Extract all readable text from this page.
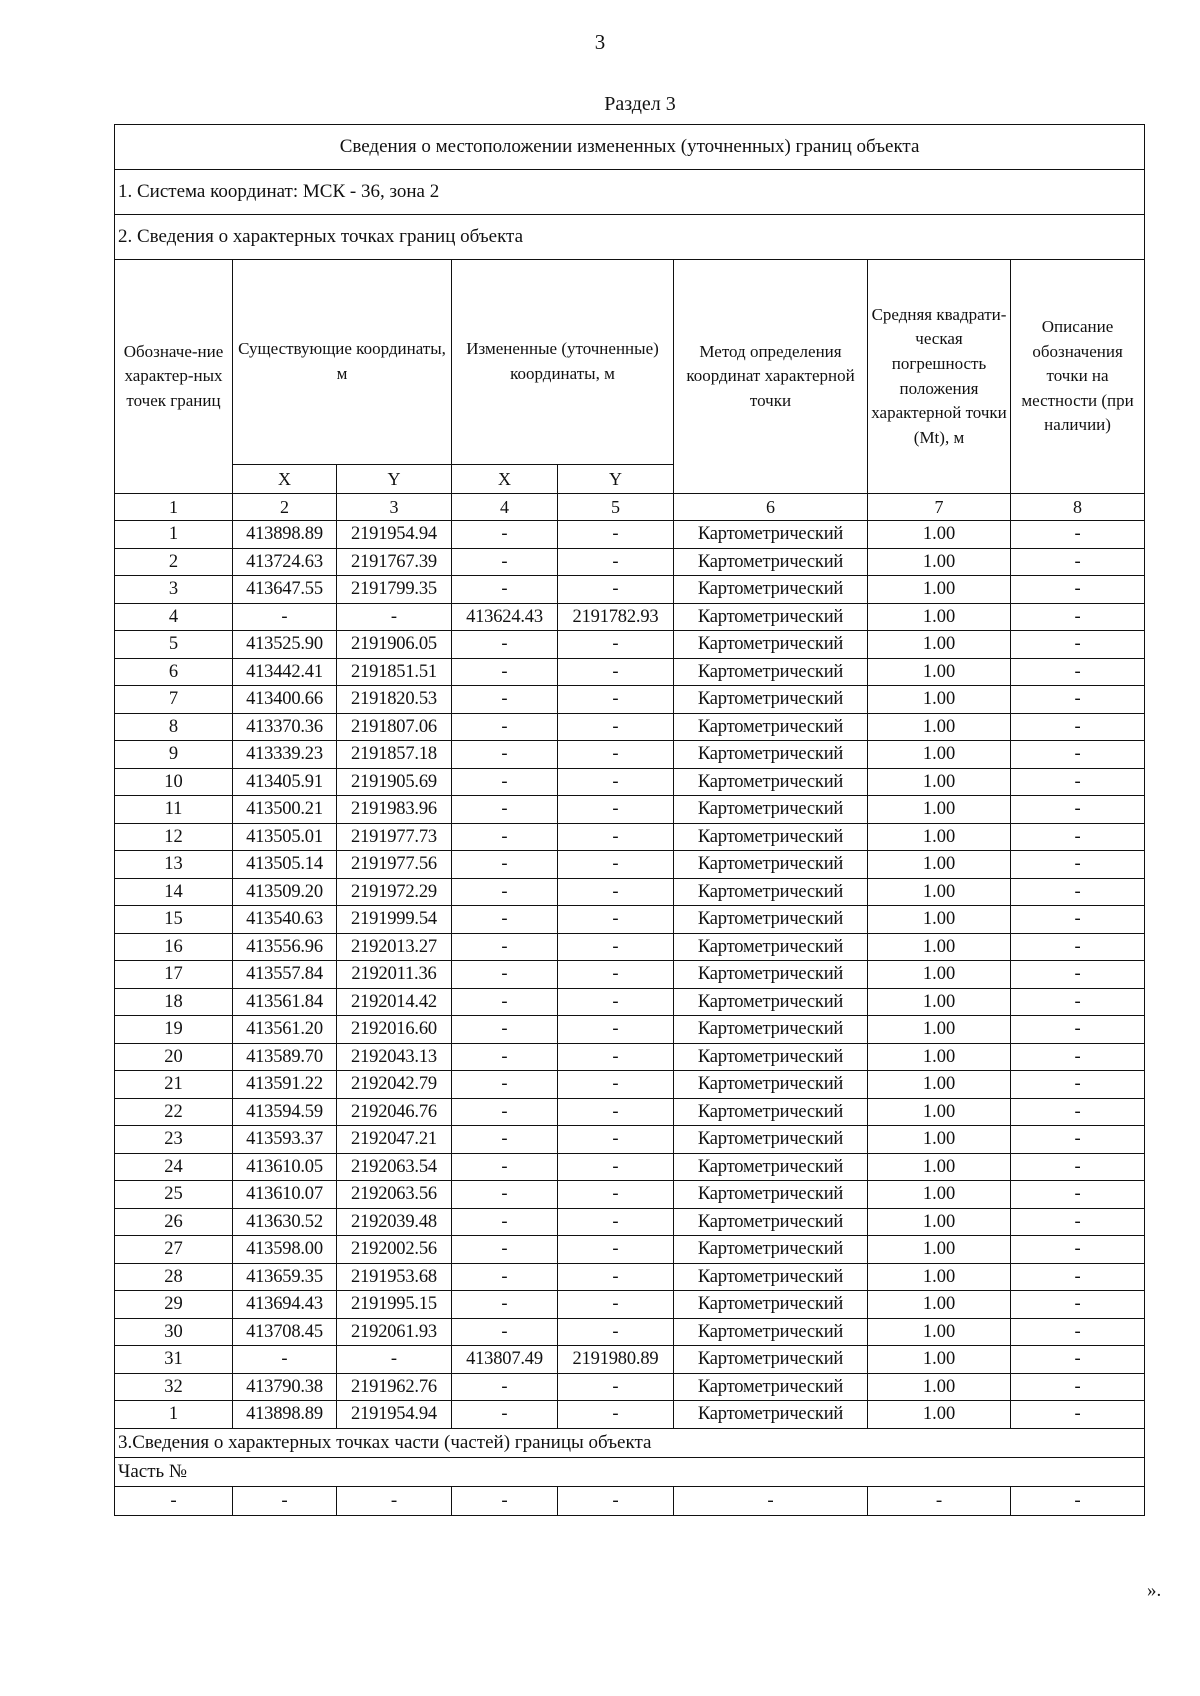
3
Раздел 3
Сведения о местоположении измененных (уточненных) границ объекта							
1. Система координат: МСК - 36, зона 2							
2. Сведения о характерных точках границ объекта							
Обозначе-ние характер-ных точек границ	Существующие координаты, м		Измененные (уточненные) координаты, м		Метод определения координат характерной точки	Средняя квадрати-ческая погрешность положения характерной точки (Mt), м	Описание обозначения точки на местности (при наличии)
	X	Y	X	Y			
1	2	3	4	5	6	7	8
1	413898.89	2191954.94	-	-	Картометрический	1.00	-
2	413724.63	2191767.39	-	-	Картометрический	1.00	-
3	413647.55	2191799.35	-	-	Картометрический	1.00	-
4	-	-	413624.43	2191782.93	Картометрический	1.00	-
5	413525.90	2191906.05	-	-	Картометрический	1.00	-
6	413442.41	2191851.51	-	-	Картометрический	1.00	-
7	413400.66	2191820.53	-	-	Картометрический	1.00	-
8	413370.36	2191807.06	-	-	Картометрический	1.00	-
9	413339.23	2191857.18	-	-	Картометрический	1.00	-
10	413405.91	2191905.69	-	-	Картометрический	1.00	-
11	413500.21	2191983.96	-	-	Картометрический	1.00	-
12	413505.01	2191977.73	-	-	Картометрический	1.00	-
13	413505.14	2191977.56	-	-	Картометрический	1.00	-
14	413509.20	2191972.29	-	-	Картометрический	1.00	-
15	413540.63	2191999.54	-	-	Картометрический	1.00	-
16	413556.96	2192013.27	-	-	Картометрический	1.00	-
17	413557.84	2192011.36	-	-	Картометрический	1.00	-
18	413561.84	2192014.42	-	-	Картометрический	1.00	-
19	413561.20	2192016.60	-	-	Картометрический	1.00	-
20	413589.70	2192043.13	-	-	Картометрический	1.00	-
21	413591.22	2192042.79	-	-	Картометрический	1.00	-
22	413594.59	2192046.76	-	-	Картометрический	1.00	-
23	413593.37	2192047.21	-	-	Картометрический	1.00	-
24	413610.05	2192063.54	-	-	Картометрический	1.00	-
25	413610.07	2192063.56	-	-	Картометрический	1.00	-
26	413630.52	2192039.48	-	-	Картометрический	1.00	-
27	413598.00	2192002.56	-	-	Картометрический	1.00	-
28	413659.35	2191953.68	-	-	Картометрический	1.00	-
29	413694.43	2191995.15	-	-	Картометрический	1.00	-
30	413708.45	2192061.93	-	-	Картометрический	1.00	-
31	-	-	413807.49	2191980.89	Картометрический	1.00	-
32	413790.38	2191962.76	-	-	Картометрический	1.00	-
1	413898.89	2191954.94	-	-	Картометрический	1.00	-
3.Сведения о характерных точках части (частей) границы объекта							
Часть №							
-	-	-	-	-	-	-	-
».
